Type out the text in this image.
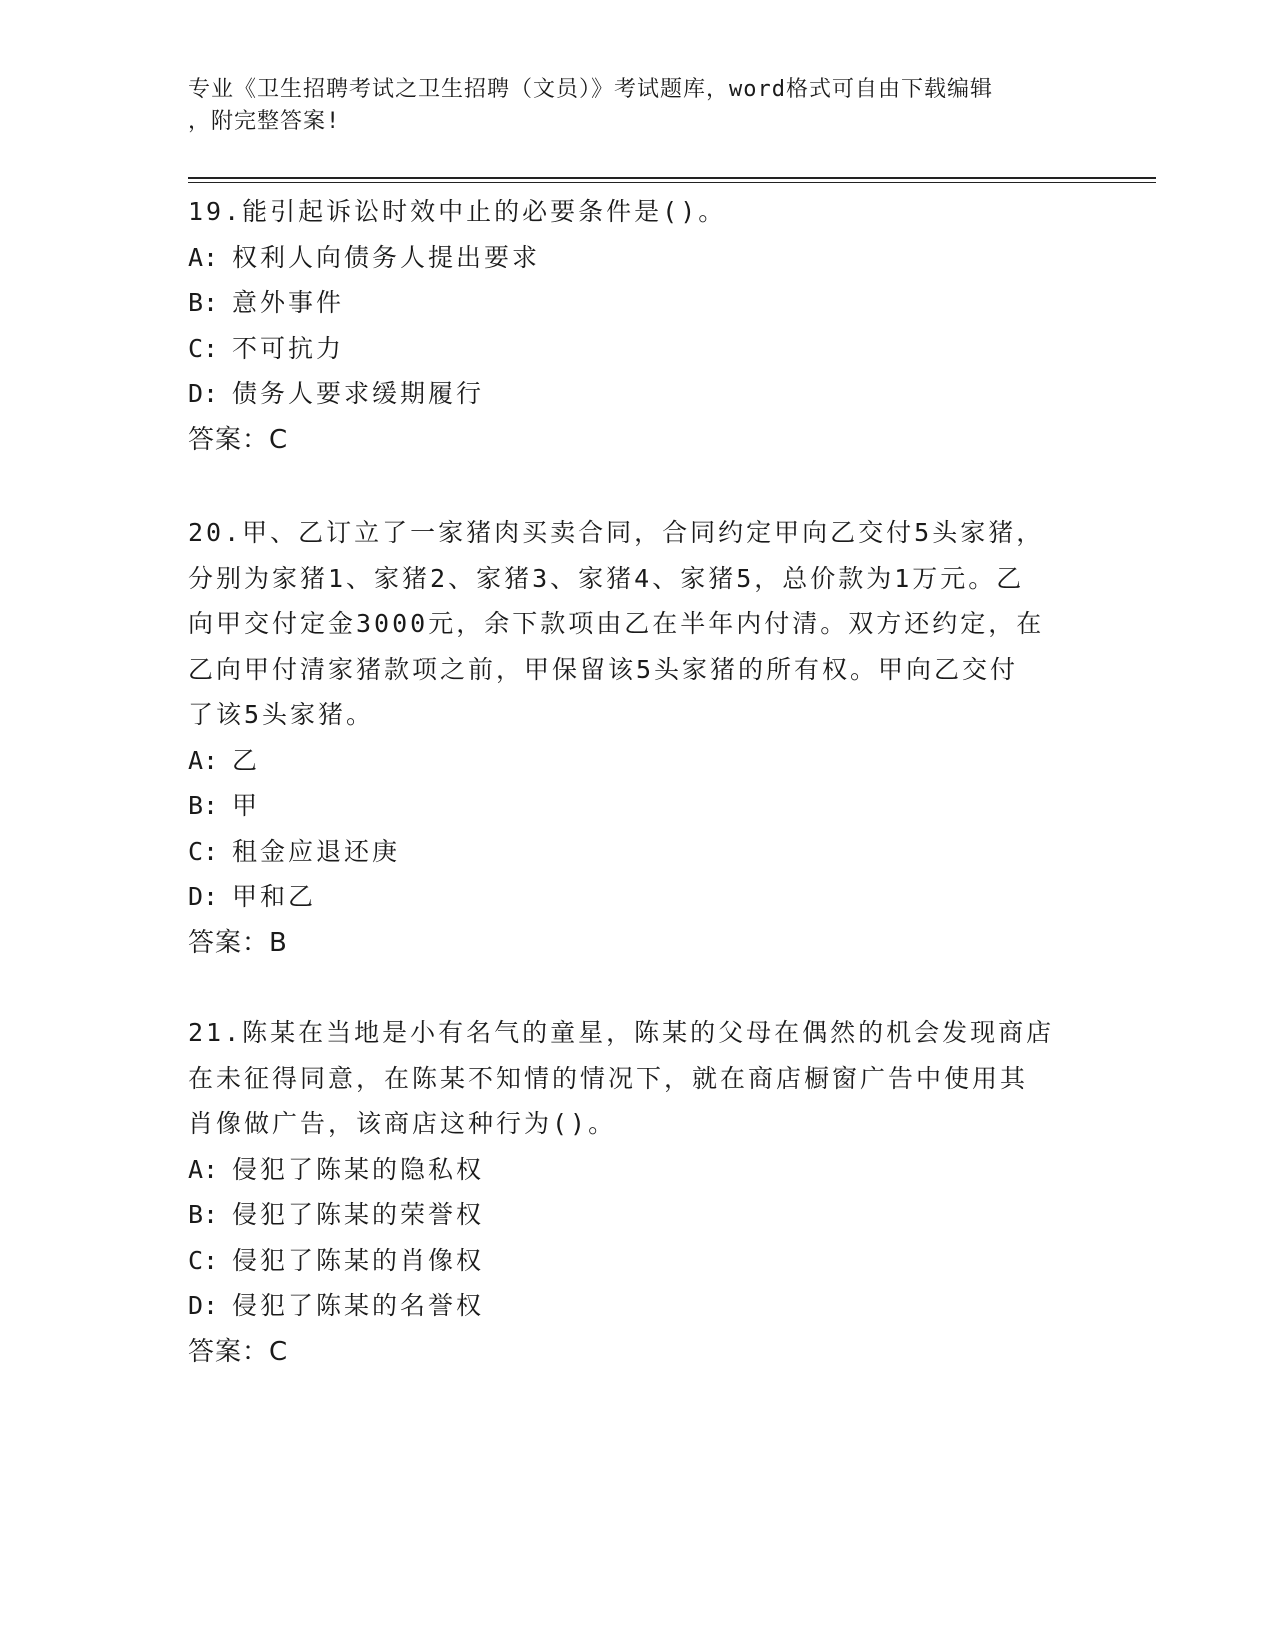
专业《卫生招聘考试之卫生招聘（文员）》考试题库，word格式可自由下载编辑
，附完整答案!

19.能引起诉讼时效中止的必要条件是()。

A: 权利人向债务人提出要求

B: 意外事件

C: 不可抗力

D: 债务人要求缓期履行

答案：C

20.甲、乙订立了一家猪肉买卖合同，合同约定甲向乙交付5头家猪，

分别为家猪1、家猪2、家猪3、家猪4、家猪5，总价款为1万元。乙

向甲交付定金3000元，余下款项由乙在半年内付清。双方还约定，在

乙向甲付清家猪款项之前，甲保留该5头家猪的所有权。甲向乙交付

了该5头家猪。

A: 乙

B: 甲

C: 租金应退还庚

D: 甲和乙

答案：B

21.陈某在当地是小有名气的童星，陈某的父母在偶然的机会发现商店

在未征得同意，在陈某不知情的情况下，就在商店橱窗广告中使用其

肖像做广告，该商店这种行为()。

A: 侵犯了陈某的隐私权

B: 侵犯了陈某的荣誉权

C: 侵犯了陈某的肖像权

D: 侵犯了陈某的名誉权

答案：C
